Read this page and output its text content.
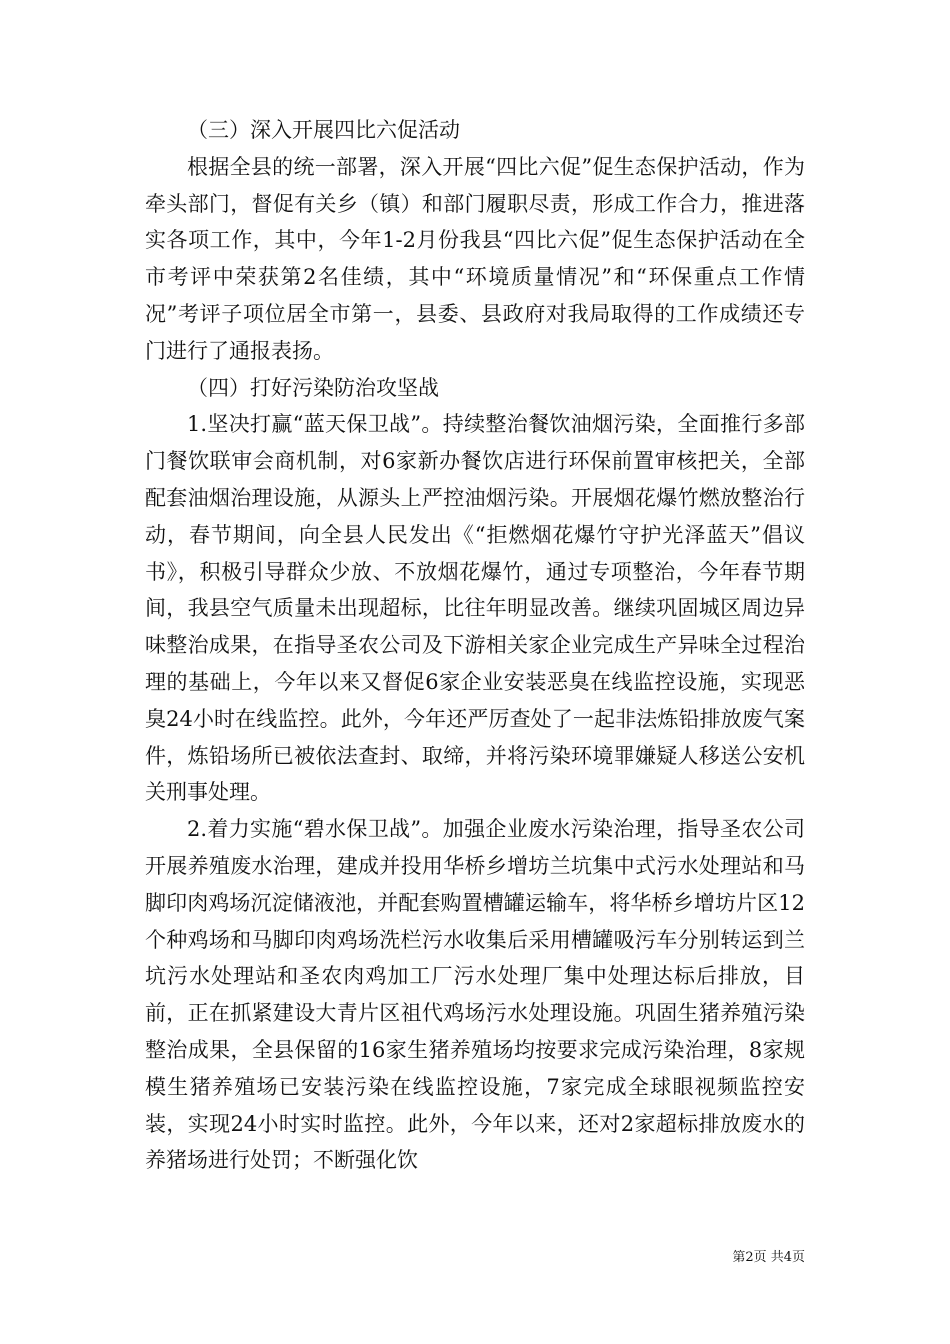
（三）深入开展四比六促活动

根据全县的统一部署，深入开展“四比六促”促生态保护活动，作为牵头部门，督促有关乡（镇）和部门履职尽责，形成工作合力，推进落实各项工作，其中，今年1-2月份我县“四比六促”促生态保护活动在全市考评中荣获第2名佳绩，其中“环境质量情况”和“环保重点工作情况”考评子项位居全市第一，县委、县政府对我局取得的工作成绩还专门进行了通报表扬。

（四）打好污染防治攻坚战

1.坚决打赢“蓝天保卫战”。持续整治餐饮油烟污染，全面推行多部门餐饮联审会商机制，对6家新办餐饮店进行环保前置审核把关，全部配套油烟治理设施，从源头上严控油烟污染。开展烟花爆竹燃放整治行动，春节期间，向全县人民发出《“拒燃烟花爆竹守护光泽蓝天”倡议书》，积极引导群众少放、不放烟花爆竹，通过专项整治，今年春节期间，我县空气质量未出现超标，比往年明显改善。继续巩固城区周边异味整治成果，在指导圣农公司及下游相关家企业完成生产异味全过程治理的基础上，今年以来又督促6家企业安装恶臭在线监控设施，实现恶臭24小时在线监控。此外，今年还严厉查处了一起非法炼铅排放废气案件，炼铅场所已被依法查封、取缔，并将污染环境罪嫌疑人移送公安机关刑事处理。

2.着力实施“碧水保卫战”。加强企业废水污染治理，指导圣农公司开展养殖废水治理，建成并投用华桥乡增坊兰坑集中式污水处理站和马脚印肉鸡场沉淀储液池，并配套购置槽罐运输车，将华桥乡增坊片区12个种鸡场和马脚印肉鸡场洗栏污水收集后采用槽罐吸污车分别转运到兰坑污水处理站和圣农肉鸡加工厂污水处理厂集中处理达标后排放，目前，正在抓紧建设大青片区祖代鸡场污水处理设施。巩固生猪养殖污染整治成果，全县保留的16家生猪养殖场均按要求完成污染治理，8家规模生猪养殖场已安装污染在线监控设施，7家完成全球眼视频监控安装，实现24小时实时监控。此外，今年以来，还对2家超标排放废水的养猪场进行处罚；不断强化饮

第2页 共4页
